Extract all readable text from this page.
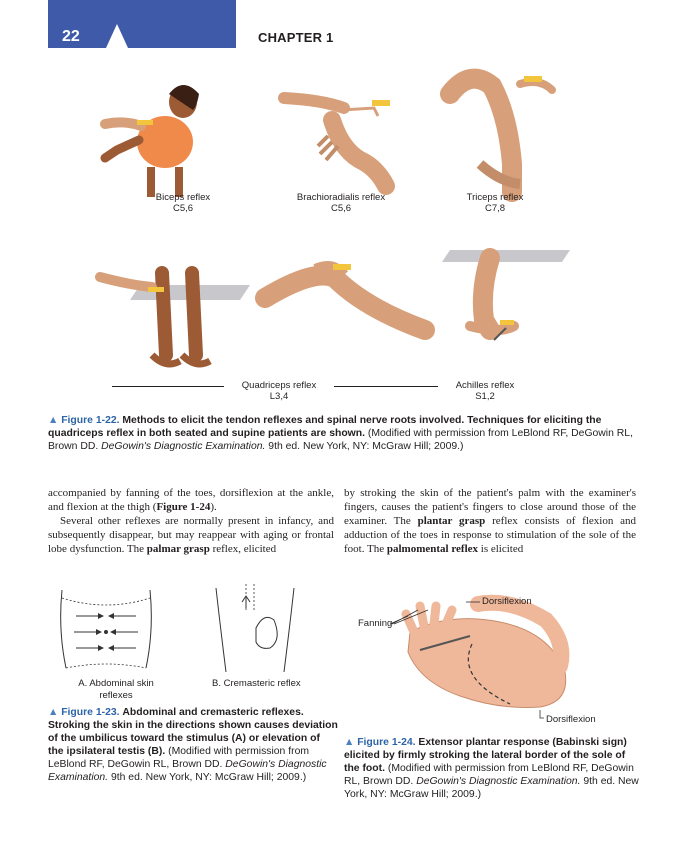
22	CHAPTER 1
Biceps reflex
C5,6
Brachioradialis reflex
C5,6
Triceps reflex
C7,8
Quadriceps reflex
L3,4
Achilles reflex
S1,2
▲ Figure 1-22. Methods to elicit the tendon reflexes and spinal nerve roots involved. Techniques for eliciting the quadriceps reflex in both seated and supine patients are shown. (Modified with permission from LeBlond RF, DeGowin RL, Brown DD. DeGowin's Diagnostic Examination. 9th ed. New York, NY: McGraw Hill; 2009.)

accompanied by fanning of the toes, dorsiflexion at the ankle, and flexion at the thigh (Figure 1-24).

Several other reflexes are normally present in infancy, and subsequently disappear, but may reappear with aging or frontal lobe dysfunction. The palmar grasp reflex, elicited

by stroking the skin of the patient's palm with the examiner's fingers, causes the patient's fingers to close around those of the examiner. The plantar grasp reflex consists of flexion and adduction of the toes in response to stimulation of the sole of the foot. The palmomental reflex is elicited

A. Abdominal skin
reflexes
B. Cremasteric reflex
▲ Figure 1-23. Abdominal and cremasteric reflexes. Stroking the skin in the directions shown causes deviation of the umbilicus toward the stimulus (A) or elevation of the ipsilateral testis (B). (Modified with permission from LeBlond RF, DeGowin RL, Brown DD. DeGowin's Diagnostic Examination. 9th ed. New York, NY: McGraw Hill; 2009.)
Dorsiflexion
Fanning
Dorsiflexion
▲ Figure 1-24. Extensor plantar response (Babinski sign) elicited by firmly stroking the lateral border of the sole of the foot. (Modified with permission from LeBlond RF, DeGowin RL, Brown DD. DeGowin's Diagnostic Examination. 9th ed. New York, NY: McGraw Hill; 2009.)
